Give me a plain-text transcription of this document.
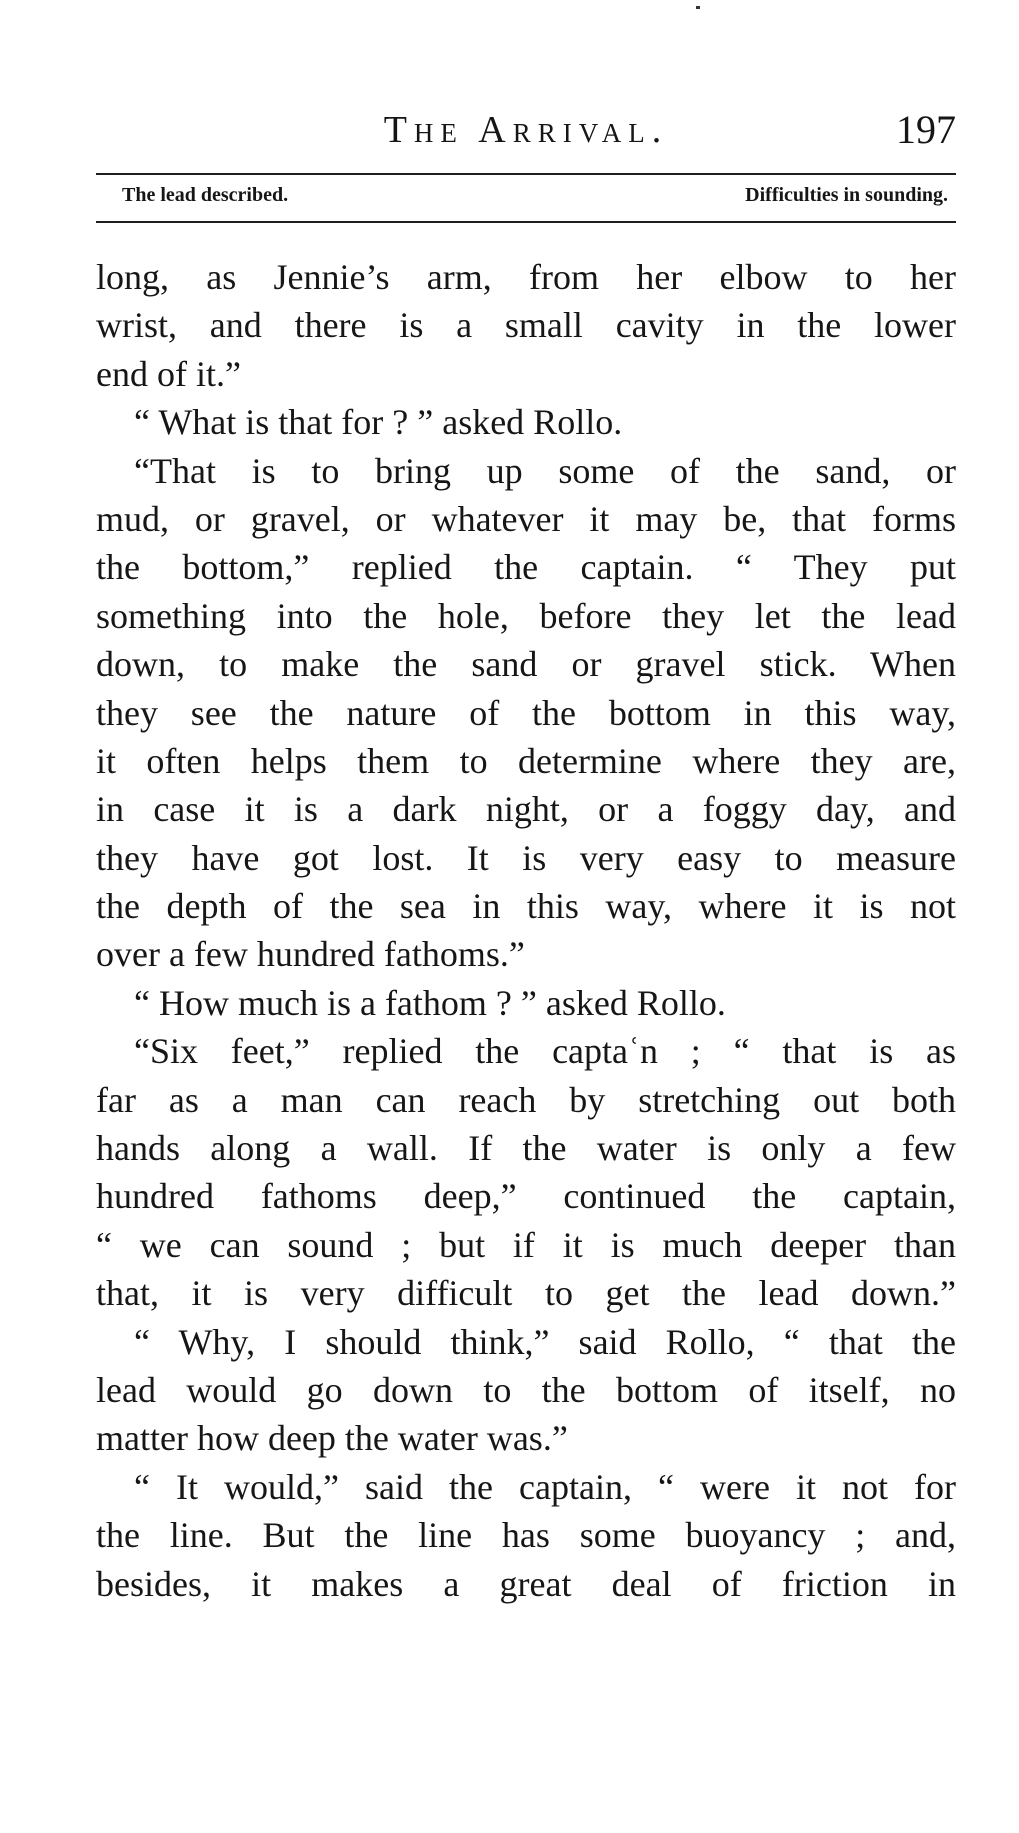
The Arrival.	197
The lead described.	Difficulties in sounding.
long, as Jennie’s arm, from her elbow to her
wrist, and there is a small cavity in the lower
end of it.”
“ What is that for ? ” asked Rollo.
“That is to bring up some of the sand, or
mud, or gravel, or whatever it may be, that forms
the bottom,” replied the captain. “ They put
something into the hole, before they let the lead
down, to make the sand or gravel stick. When
they see the nature of the bottom in this way,
it often helps them to determine where they are,
in case it is a dark night, or a foggy day, and
they have got lost. It is very easy to measure
the depth of the sea in this way, where it is not
over a few hundred fathoms.”
“ How much is a fathom ? ” asked Rollo.
“Six feet,” replied the captaʿn ; “ that is as
far as a man can reach by stretching out both
hands along a wall. If the water is only a few
hundred fathoms deep,” continued the captain,
“ we can sound ; but if it is much deeper than
that, it is very difficult to get the lead down.”
“ Why, I should think,” said Rollo, “ that the
lead would go down to the bottom of itself, no
matter how deep the water was.”
“ It would,” said the captain, “ were it not for
the line. But the line has some buoyancy ; and,
besides, it makes a great deal of friction in
